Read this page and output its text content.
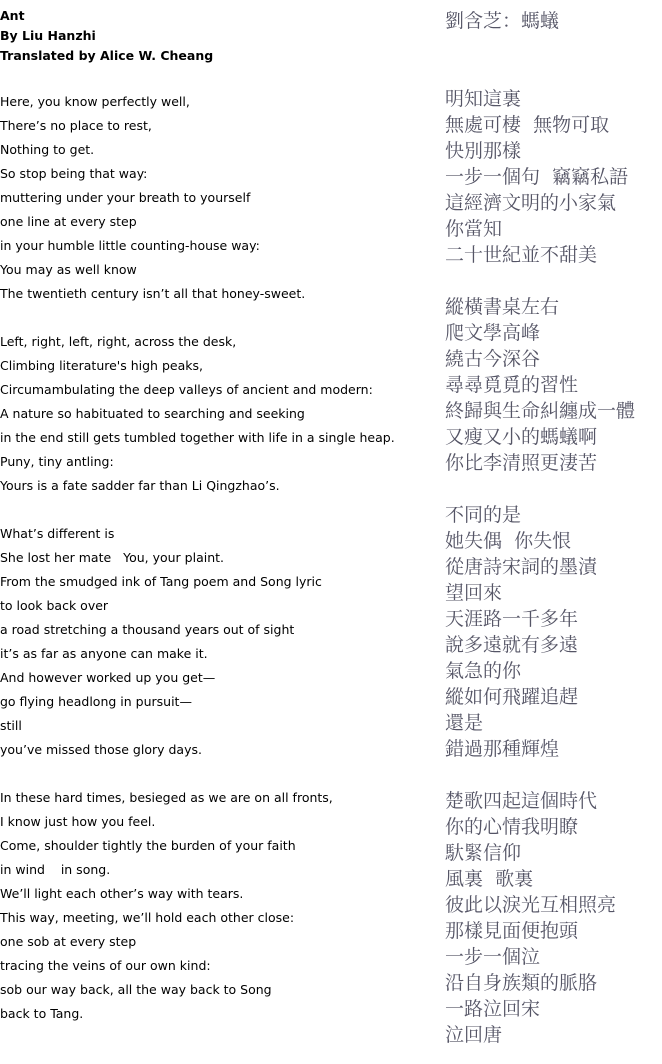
Ant
By Liu Hanzhi
Translated by Alice W. Cheang
Here, you know perfectly well,
There’s no place to rest,
Nothing to get.
So stop being that way:
muttering under your breath to yourself
one line at every step
in your humble little counting-house way:
You may as well know
The twentieth century isn’t all that honey-sweet.
Left, right, left, right, across the desk,
Climbing literature's high peaks,
Circumambulating the deep valleys of ancient and modern:
A nature so habituated to searching and seeking
in the end still gets tumbled together with life in a single heap.
Puny, tiny antling:
Yours is a fate sadder far than Li Qingzhao’s.
What’s different is
She lost her mate   You, your plaint.
From the smudged ink of Tang poem and Song lyric
to look back over
a road stretching a thousand years out of sight
it’s as far as anyone can make it.
And however worked up you get—
go flying headlong in pursuit—
still
you’ve missed those glory days.
In these hard times, besieged as we are on all fronts,
I know just how you feel.
Come, shoulder tightly the burden of your faith
in wind    in song.
We’ll light each other’s way with tears.
This way, meeting, we’ll hold each other close:
one sob at every step
tracing the veins of our own kind:
sob our way back, all the way back to Song
back to Tang.
劉含芝：螞蟻
明知這裏
無處可棲  無物可取
快別那樣
一步一個句  竊竊私語
這經濟文明的小家氣
你當知
二十世紀並不甜美
縱橫書桌左右
爬文學高峰
繞古今深谷
尋尋覓覓的習性
終歸與生命糾纏成一體
又瘦又小的螞蟻啊
你比李清照更淒苦
不同的是
她失偶  你失恨
從唐詩宋詞的墨漬
望回來
天涯路一千多年
說多遠就有多遠
氣急的你
縱如何飛躍追趕
還是
錯過那種輝煌
楚歌四起這個時代
你的心情我明瞭
馱緊信仰
風裏  歌裏
彼此以淚光互相照亮
那樣見面便抱頭
一步一個泣
沿自身族類的脈胳
一路泣回宋
泣回唐
